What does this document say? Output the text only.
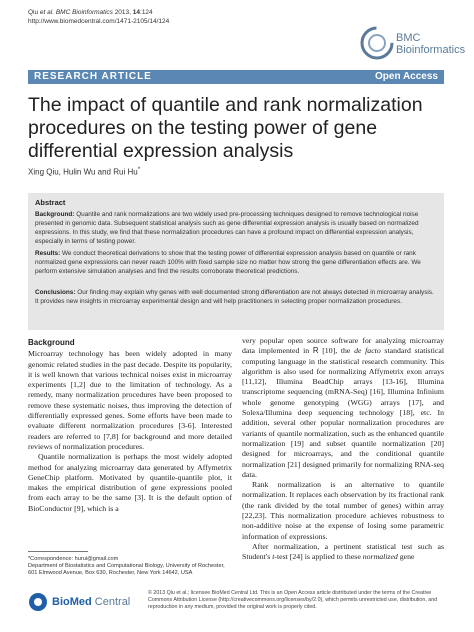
Qiu et al. BMC Bioinformatics 2013, 14:124
http://www.biomedcentral.com/1471-2105/14/124
BMC
Bioinformatics
RESEARCH ARTICLE	Open Access
The impact of quantile and rank normalization procedures on the testing power of gene differential expression analysis
Xing Qiu, Hulin Wu and Rui Hu*
Abstract
Background: Quantile and rank normalizations are two widely used pre-processing techniques designed to remove technological noise presented in genomic data. Subsequent statistical analysis such as gene differential expression analysis is usually based on normalized expressions. In this study, we find that these normalization procedures can have a profound impact on differential expression analysis, especially in terms of testing power.
Results: We conduct theoretical derivations to show that the testing power of differential expression analysis based on quantile or rank normalized gene expressions can never reach 100% with fixed sample size no matter how strong the gene differentiation effects are. We perform extensive simulation analyses and find the results corroborate theoretical predictions.
Conclusions: Our finding may explain why genes with well documented strong differentiation are not always detected in microarray analysis. It provides new insights in microarray experimental design and will help practitioners in selecting proper normalization procedures.
Background

Microarray technology has been widely adopted in many genomic related studies in the past decade. Despite its popularity, it is well known that various technical noises exist in microarray experiments [1,2] due to the limitation of technology. As a remedy, many normalization procedures have been proposed to remove these systematic noises, thus improving the detection of differentially expressed genes. Some efforts have been made to evaluate different normalization procedures [3-6]. Interested readers are referred to [7,8] for background and more detailed reviews of normalization procedures.

Quantile normalization is perhaps the most widely adopted method for analyzing microarray data generated by Affymetrix GeneChip platform. Motivated by quantile-quantile plot, it makes the empirical distribution of gene expressions pooled from each array to be the same [3]. It is the default option of BioConductor [9], which is a

very popular open source software for analyzing microarray data implemented in R [10], the de facto standard statistical computing language in the statistical research community. This algorithm is also used for normalizing Affymetrix exon arrays [11,12], Illumina BeadChip arrays [13-16], Illumina transcriptome sequencing (mRNA-Seq) [16], Illumina Infinium whole genome genotyping (WGG) arrays [17], and Solexa/Illumina deep sequencing technology [18], etc. In addition, several other popular normalization procedures are variants of quantile normalization, such as the enhanced quantile normalization [19] and subset quantile normalization [20] designed for microarrays, and the conditional quantile normalization [21] designed primarily for normalizing RNA-seq data.

Rank normalization is an alternative to quantile normalization. It replaces each observation by its fractional rank (the rank divided by the total number of genes) within array [22,23]. This normalization procedure achieves robustness to non-additive noise at the expense of losing some parametric information of expressions.

After normalization, a pertinent statistical test such as Student's t-test [24] is applied to these normalized gene

*Correspondence: hurui@gmail.com
Department of Biostatistics and Computational Biology, University of Rochester, 601 Elmwood Avenue, Box 630, Rochester, New York 14642, USA
BioMed Central
© 2013 Qiu et al.; licensee BioMed Central Ltd. This is an Open Access article distributed under the terms of the Creative Commons Attribution License (http://creativecommons.org/licenses/by/2.0), which permits unrestricted use, distribution, and reproduction in any medium, provided the original work is properly cited.
